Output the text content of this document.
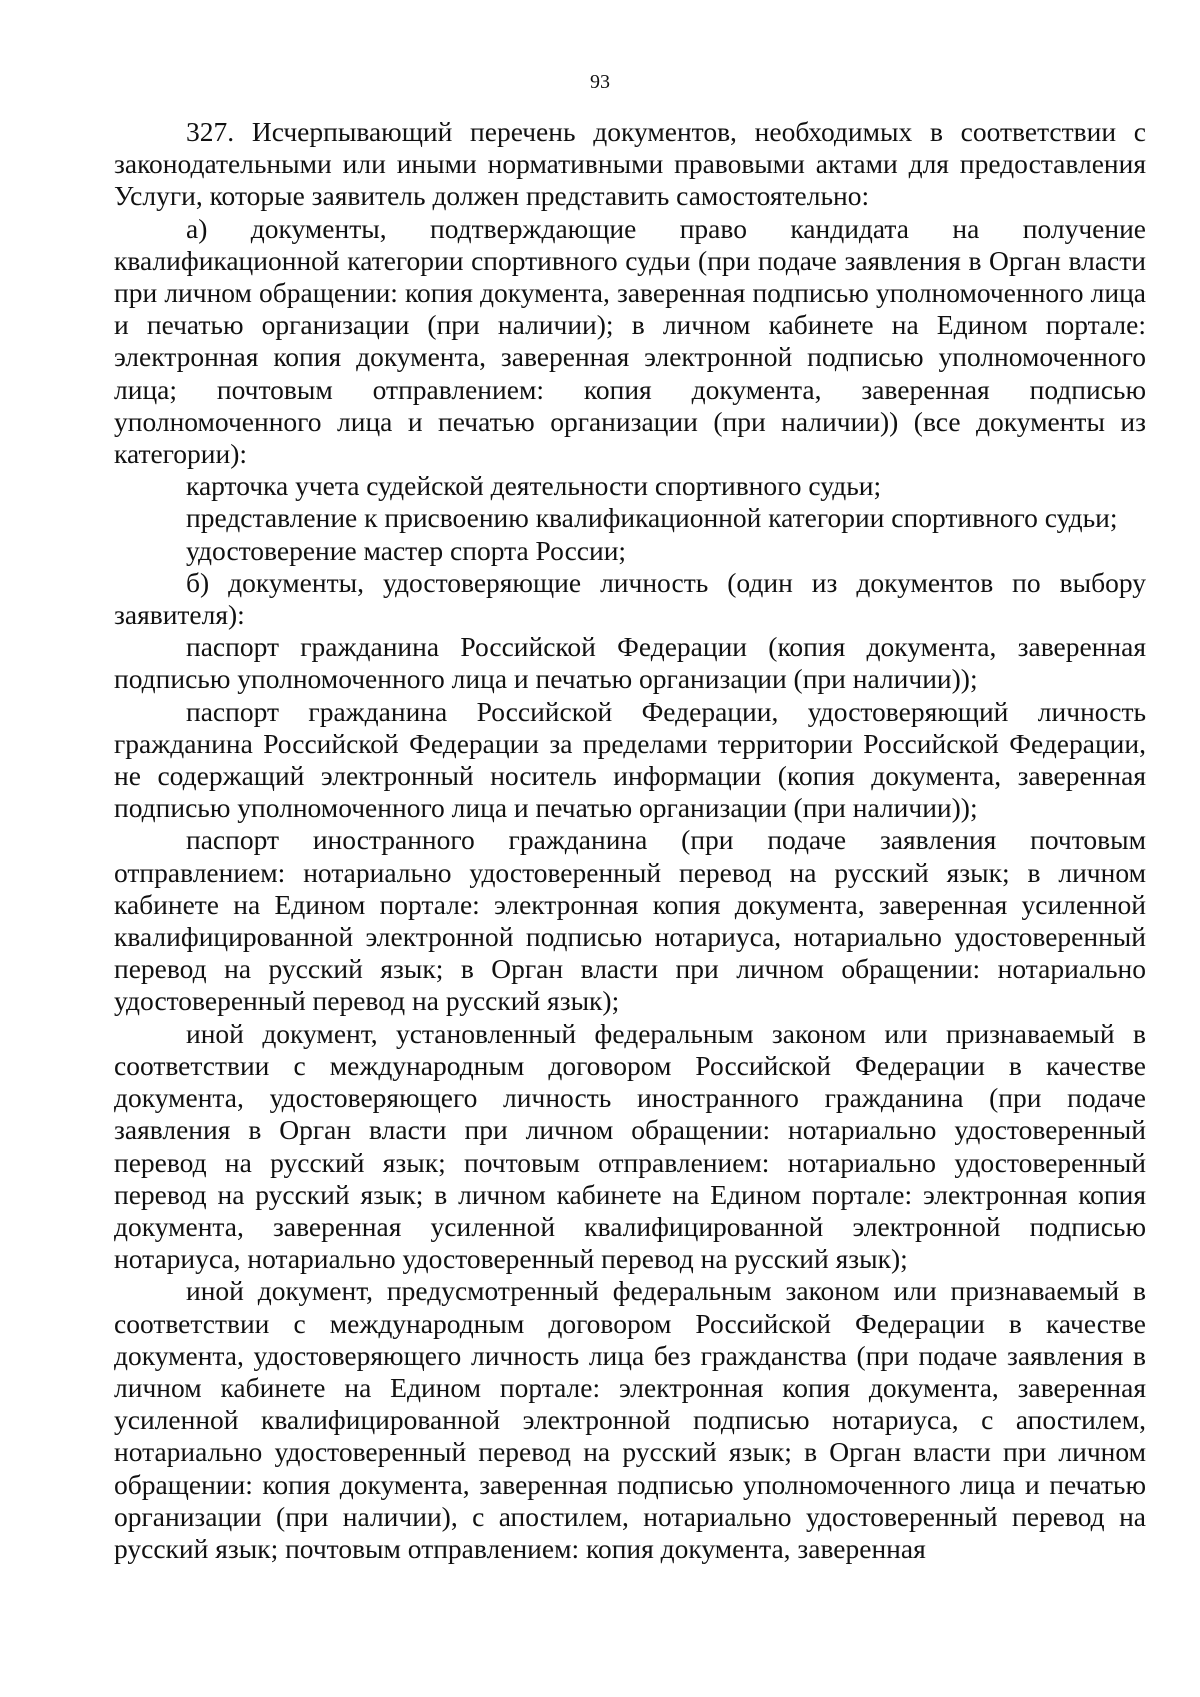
93

327. Исчерпывающий перечень документов, необходимых в соответствии с законодательными или иными нормативными правовыми актами для предоставления Услуги, которые заявитель должен представить самостоятельно:

а) документы, подтверждающие право кандидата на получение квалификационной категории спортивного судьи (при подаче заявления в Орган власти при личном обращении: копия документа, заверенная подписью уполномоченного лица и печатью организации (при наличии); в личном кабинете на Едином портале: электронная копия документа, заверенная электронной подписью уполномоченного лица; почтовым отправлением: копия документа, заверенная подписью уполномоченного лица и печатью организации (при наличии)) (все документы из категории):

карточка учета судейской деятельности спортивного судьи;

представление к присвоению квалификационной категории спортивного судьи;

удостоверение мастер спорта России;

б) документы, удостоверяющие личность (один из документов по выбору заявителя):

паспорт гражданина Российской Федерации (копия документа, заверенная подписью уполномоченного лица и печатью организации (при наличии));

паспорт гражданина Российской Федерации, удостоверяющий личность гражданина Российской Федерации за пределами территории Российской Федерации, не содержащий электронный носитель информации (копия документа, заверенная подписью уполномоченного лица и печатью организации (при наличии));

паспорт иностранного гражданина (при подаче заявления почтовым отправлением: нотариально удостоверенный перевод на русский язык; в личном кабинете на Едином портале: электронная копия документа, заверенная усиленной квалифицированной электронной подписью нотариуса, нотариально удостоверенный перевод на русский язык; в Орган власти при личном обращении: нотариально удостоверенный перевод на русский язык);

иной документ, установленный федеральным законом или признаваемый в соответствии с международным договором Российской Федерации в качестве документа, удостоверяющего личность иностранного гражданина (при подаче заявления в Орган власти при личном обращении: нотариально удостоверенный перевод на русский язык; почтовым отправлением: нотариально удостоверенный перевод на русский язык; в личном кабинете на Едином портале: электронная копия документа, заверенная усиленной квалифицированной электронной подписью нотариуса, нотариально удостоверенный перевод на русский язык);

иной документ, предусмотренный федеральным законом или признаваемый в соответствии с международным договором Российской Федерации в качестве документа, удостоверяющего личность лица без гражданства (при подаче заявления в личном кабинете на Едином портале: электронная копия документа, заверенная усиленной квалифицированной электронной подписью нотариуса, с апостилем, нотариально удостоверенный перевод на русский язык; в Орган власти при личном обращении: копия документа, заверенная подписью уполномоченного лица и печатью организации (при наличии), с апостилем, нотариально удостоверенный перевод на русский язык; почтовым отправлением: копия документа, заверенная
